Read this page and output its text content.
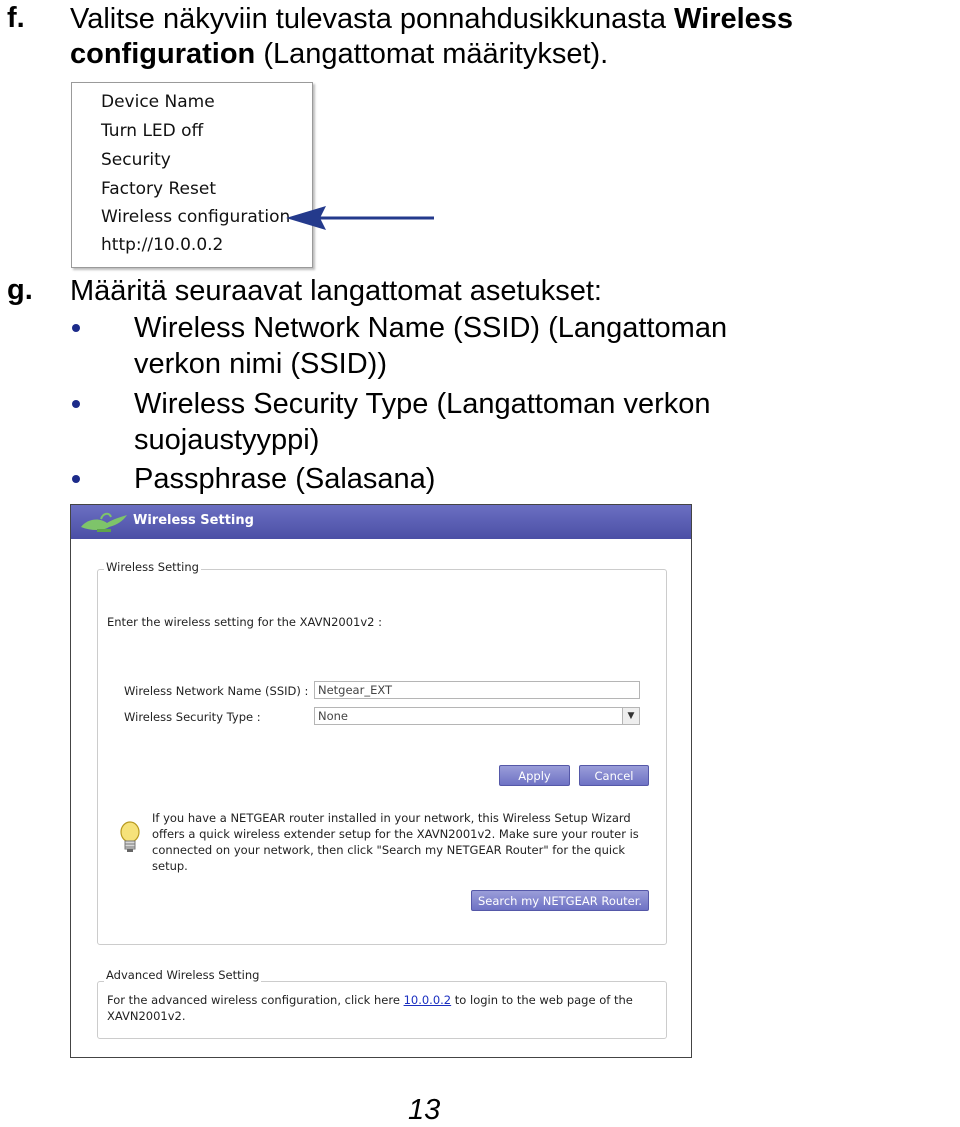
f. Valitse näkyviin tulevasta ponnahdusikkunasta Wireless
configuration (Langattomat määritykset).
Device Name
Turn LED off
Security
Factory Reset
Wireless configuration
http://10.0.0.2
g. Määritä seuraavat langattomat asetukset:
Wireless Network Name (SSID) (Langattoman
verkon nimi (SSID))
Wireless Security Type (Langattoman verkon
suojaustyyppi)
Passphrase (Salasana)
Wireless Setting
Wireless Setting
Enter the wireless setting for the XAVN2001v2 :
Wireless Network Name (SSID) : Netgear_EXT
Wireless Security Type :	None	▼
Apply	Cancel
If you have a NETGEAR router installed in your network, this Wireless Setup Wizard
offers a quick wireless extender setup for the XAVN2001v2. Make sure your router is
connected on your network, then click "Search my NETGEAR Router" for the quick
setup.
Search my NETGEAR Router.
Advanced Wireless Setting
For the advanced wireless configuration, click here 10.0.0.2 to login to the web page of the
XAVN2001v2.
13
